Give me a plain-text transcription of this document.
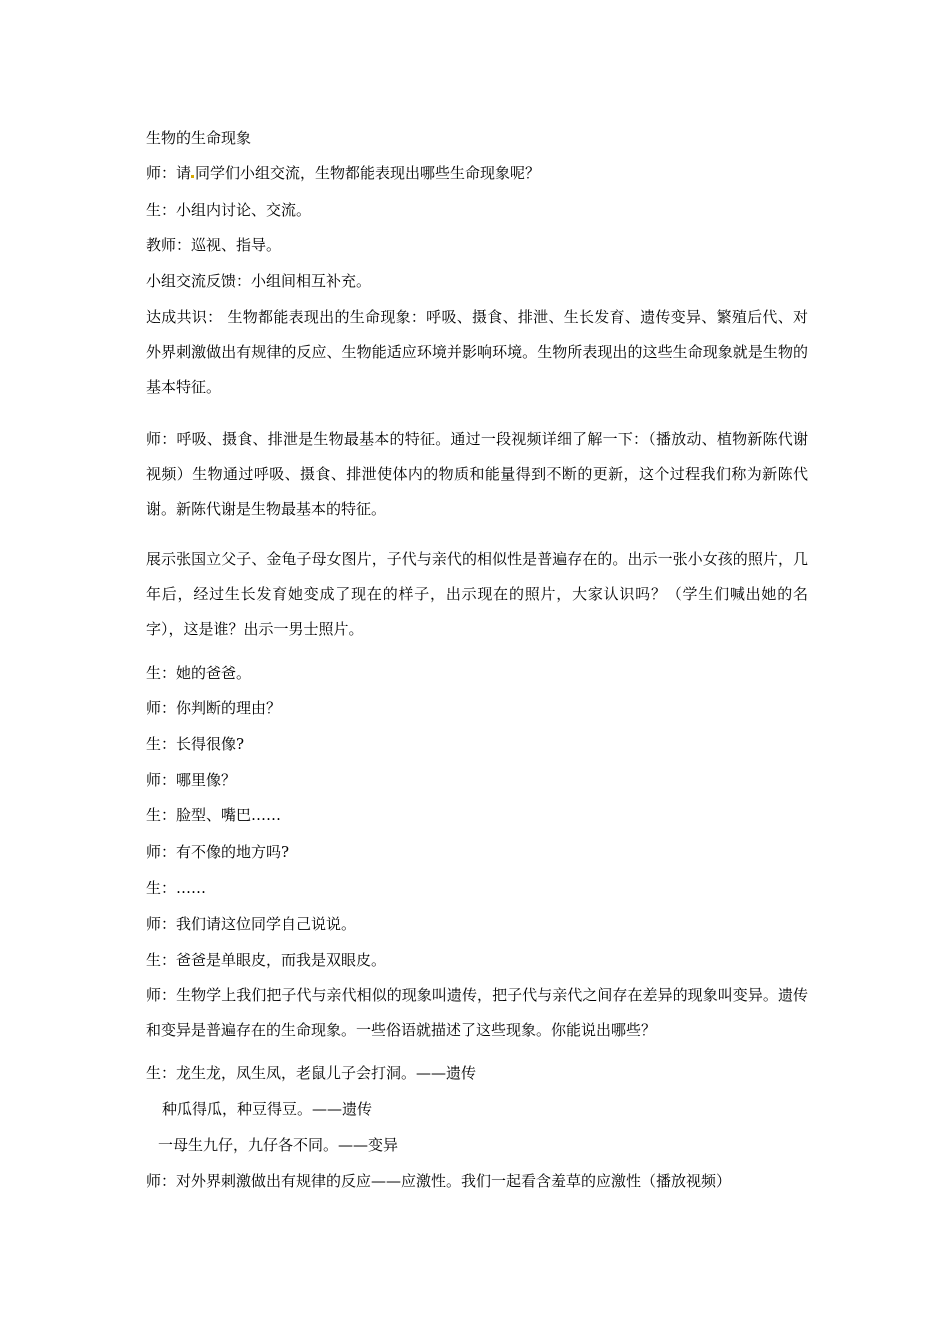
生物的生命现象

师：请 同学们小组交流，生物都能表现出哪些生命现象呢？

生：小组内讨论、交流。

教师：巡视、指导。

小组交流反馈：小组间相互补充。

达成共识： 生物都能表现出的生命现象：呼吸、摄食、排泄、生长发育、遗传变异、繁殖后代、对外界刺激做出有规律的反应、生物能适应环境并影响环境。生物所表现出的这些生命现象就是生物的基本特征。

师：呼吸、摄食、排泄是生物最基本的特征。通过一段视频详细了解一下：（播放动、植物新陈代谢视频）生物通过呼吸、摄食、排泄使体内的物质和能量得到不断的更新，这个过程我们称为新陈代谢。新陈代谢是生物最基本的特征。

展示张国立父子、金龟子母女图片，子代与亲代的相似性是普遍存在的。出示一张小女孩的照片，几年后，经过生长发育她变成了现在的样子，出示现在的照片，大家认识吗？（学生们喊出她的名字），这是谁？出示一男士照片。

生：她的爸爸。

师：你判断的理由？

生：长得很像?

师：哪里像？

生：脸型、嘴巴……

师：有不像的地方吗?

生：……

师：我们请这位同学自己说说。

生：爸爸是单眼皮，而我是双眼皮。

师：生物学上我们把子代与亲代相似的现象叫遗传，把子代与亲代之间存在差异的现象叫变异。遗传和变异是普遍存在的生命现象。一些俗语就描述了这些现象。你能说出哪些？

生：龙生龙，凤生凤，老鼠儿子会打洞。——遗传

种瓜得瓜，种豆得豆。——遗传

一母生九仔，九仔各不同。——变异

师：对外界刺激做出有规律的反应——应激性。我们一起看含羞草的应激性（播放视频）
